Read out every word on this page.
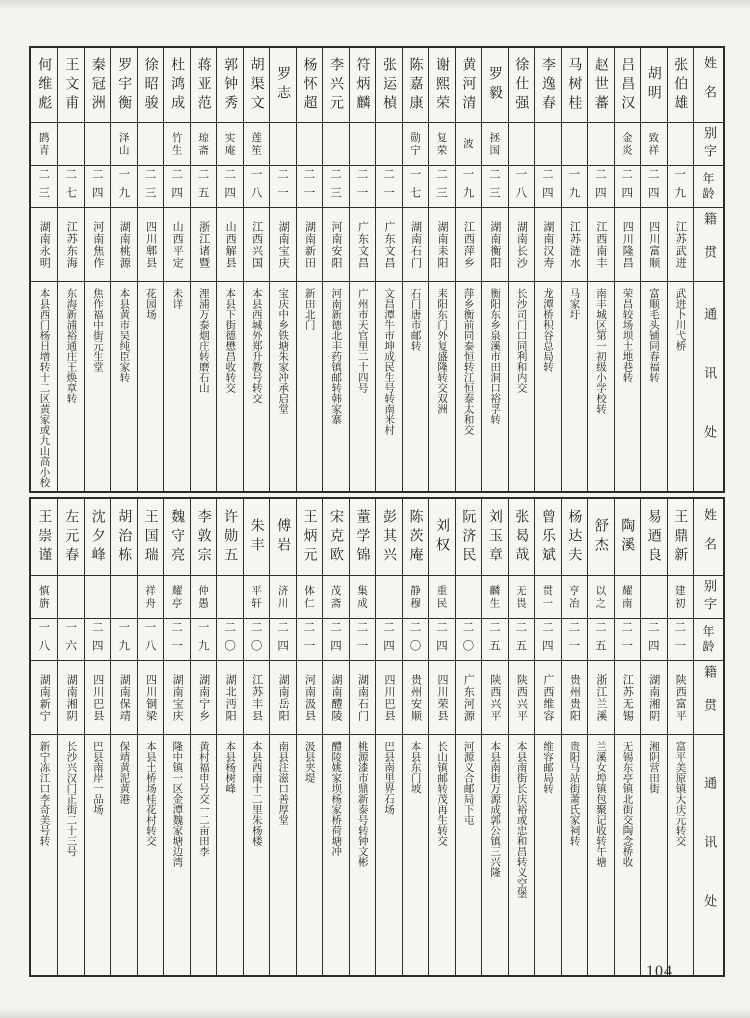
姓名
别字
年龄
籍贯
通讯处
张伯雄
一九
江苏武进
武进卜川弋桥
胡明
致祥
二四
四川富顺
富顺毛头铺同春福转
吕昌汉
金炎
二四
四川隆昌
荣昌较场坝土地巷转
赵世蕃
二四
江西南丰
南丰城区第一初级小学校转
马树桂
一九
江苏涟水
马家圩
李逸春
二四
湖南汉寿
龙潭桥积谷总局转
徐仕强
一八
湖南长沙
长沙司门口同利和内交
罗毅
拯国
二三
湖南衡阳
衡阳东乡泉溪市田洞口裕孚转
黄河清
波
一九
江西萍乡
萍乡衡前同泰恒转江恒泰太和交
谢熙荣
复荣
二三
湖南耒阳
耒阳东门外复盛隆转交双洲
陈嘉康
勋宁
一七
湖南石门
石门唐市邮转
张运楨
二一
广东文昌
文昌潭牛市坤成民生号转南米村
符炳麟
二一
广东文昌
广州市天官里二十四号
李兴元
二三
河南安阳
河南新德北丰药镇邮转韩家寨
杨怀超
二一
湖南新田
新田北门
罗志
二一
湖南宝庆
宝庆中乡铁塘朱家冲承启堂
胡渠文
莲笙
一八
江西兴国
本县西城外郑升教号转交
郭钟秀
实庵
二四
山西解县
本县下街德懋昌收转交
蒋亚范
琼斋
二五
浙江诸暨
浬浦万泰烟庄转磨石山
杜鸿成
竹生
二四
山西平定
未详
徐昭骏
二三
四川郫县
花园场
罗宇衡
泽山
一九
湖南桃源
本县黄市吴纯臣家转
秦冠洲
二四
河南焦作
焦作福中街元生堂
王文甫
二七
江苏东海
东海新浦裕通庄王焕章转
何维彪
鹍青
二三
湖南永明
本县西门杨日增转十二区黄家或九山高小校
姓名
别字
年龄
籍贯
通讯处
王鼎新
建初
二一
陕西富平
富平美原镇大庆元转交
易迺良
二四
湖南湘阴
湘阴营田街
陶溪
耀南
二一
江苏无锡
无锡东亭镇北街交陶念桥收
舒杰
以之
二五
浙江兰溪
兰溪女埠镇包聚记收转午塘
杨达夫
亨冶
二一
贵州贵阳
贵阳马站街萧氏家祠转
曾乐斌
贯一
二四
广西维容
维容邮局转
张曷哉
无畏
二五
陕西兴平
本县南街长庆裕或忠和昌转义空堡
刘玉章
麟生
二五
陕西兴平
本县南街万源成郭公镇三兴隆
阮济民
二〇
广东河源
河源义合邮局下屯
刘权
重民
二四
四川荣县
长山镇邮转茂再生转交
陈茨庵
静穆
二〇
贵州安顺
本县东门坡
彭其兴
二四
四川巴县
巴县南里界石场
蕫学锦
集成
二一
湖南石门
桃源漆市鼎新泰号转钟文彬
宋克欧
茂斋
二四
湖南醴陵
醴陵姚家坝杨家桥荷塘冲
王炳元
体仁
二一
河南汲县
汲县夹堤
傅岩
济川
二四
湖南岳阳
南县注滋口善厚堂
朱丰
平轩
二〇
江苏丰县
本县西南十二里朱杨楼
许勋五
二〇
湖北沔阳
本县杨树峰
李敦宗
仲愚
一九
湖南宁乡
黄村福申号交一二亩田李
魏守亮
耀亭
二一
湖南宝庆
隆中镇一区金潭魏家塘边湾
王国瑞
祥舟
一八
四川铜梁
本县土桥场桂花村转交
胡治栋
一九
湖南保靖
保靖黄泥黄港
沈夕峰
二四
四川巴县
巴县南岸一品场
左元春
一六
湖南湘阴
长沙兴汉门正街二十三号
王崇谨
慎旃
一八
湖南新宁
新宁冻江口李奇美号转
104
